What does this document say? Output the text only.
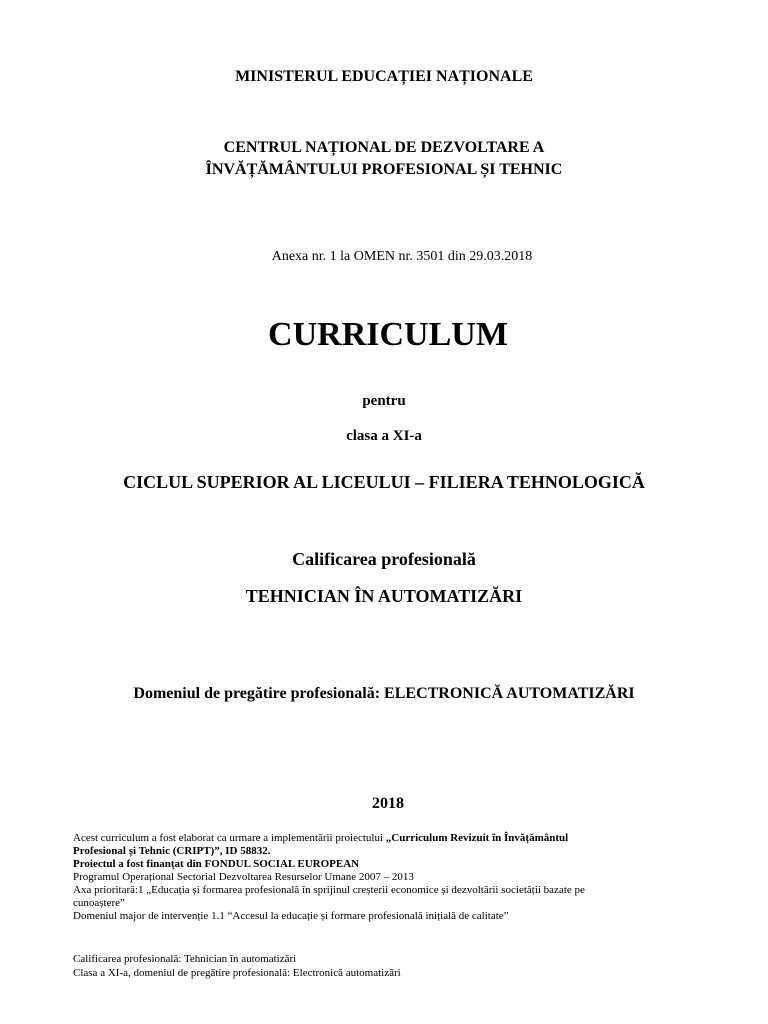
MINISTERUL EDUCAȚIEI NAȚIONALE
CENTRUL NAȚIONAL DE DEZVOLTARE A
ÎNVĂȚĂMÂNTULUI PROFESIONAL ȘI TEHNIC
Anexa nr. 1 la OMEN nr. 3501 din 29.03.2018
CURRICULUM
pentru
clasa a XI-a
CICLUL SUPERIOR AL LICEULUI – FILIERA TEHNOLOGICĂ
Calificarea profesională
TEHNICIAN ÎN AUTOMATIZĂRI
Domeniul de pregătire profesională: ELECTRONICĂ AUTOMATIZĂRI
2018
Acest curriculum a fost elaborat ca urmare a implementării proiectului „Curriculum Revizuit în Învățământul
Profesional și Tehnic (CRIPT)”, ID 58832.
Proiectul a fost finanțat din FONDUL SOCIAL EUROPEAN
Programul Operațional Sectorial Dezvoltarea Resurselor Umane 2007 – 2013
Axa prioritară:1 „Educația și formarea profesională în sprijinul creșterii economice și dezvoltării societății bazate pe
cunoaștere”
Domeniul major de intervenție 1.1 “Accesul la educație și formare profesională inițială de calitate”
Calificarea profesională: Tehnician în automatizări
Clasa a XI-a, domeniul de pregătire profesională: Electronică automatizări
